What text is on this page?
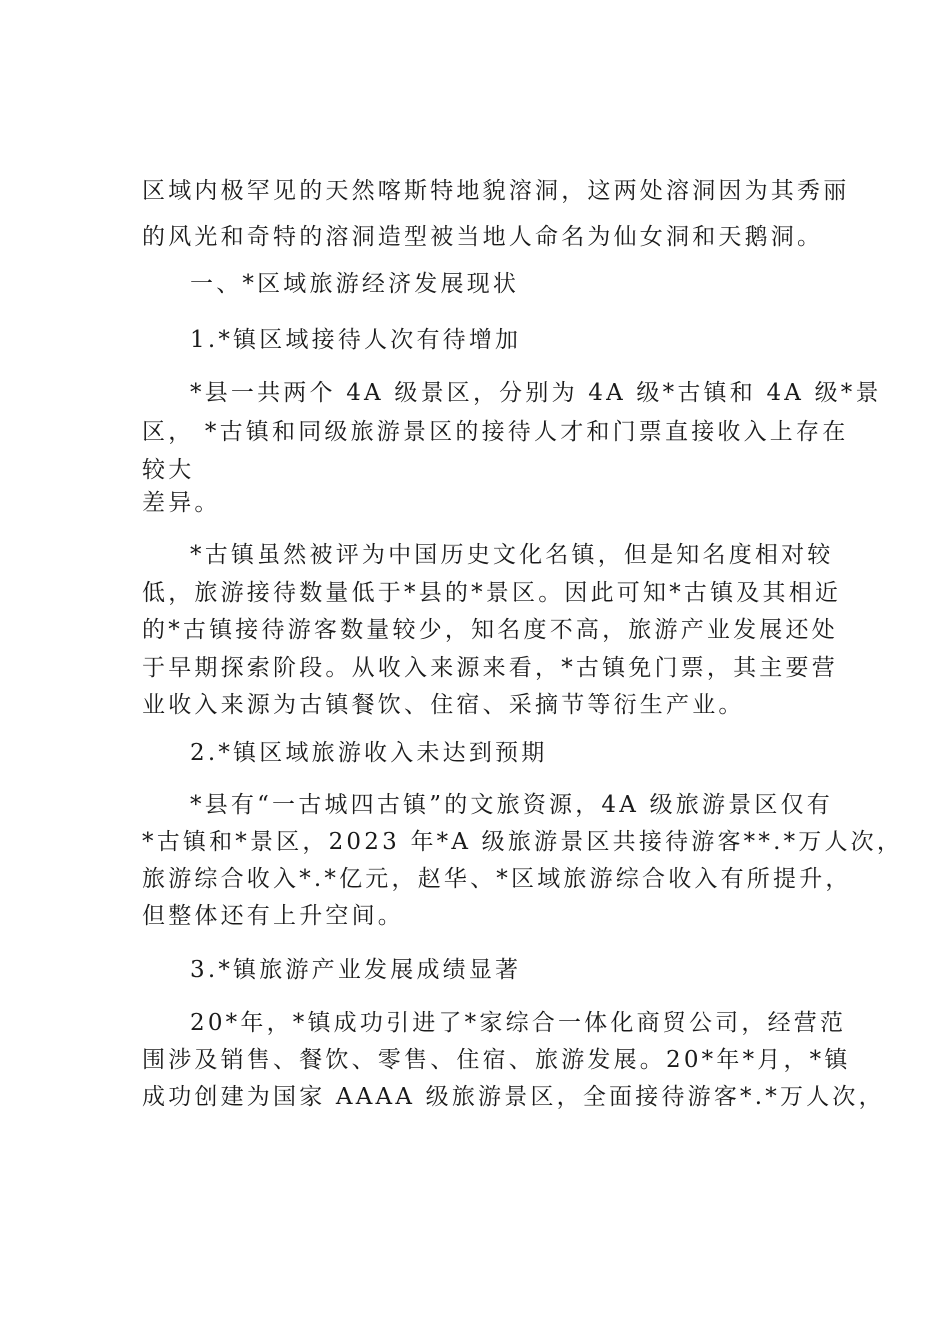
区域内极罕见的天然喀斯特地貌溶洞，这两处溶洞因为其秀丽
的风光和奇特的溶洞造型被当地人命名为仙女洞和天鹅洞。
一、*区域旅游经济发展现状
1.*镇区域接待人次有待增加
*县一共两个 4A 级景区，分别为 4A 级*古镇和 4A 级*景
区， *古镇和同级旅游景区的接待人才和门票直接收入上存在
较大
差异。
*古镇虽然被评为中国历史文化名镇，但是知名度相对较
低，旅游接待数量低于*县的*景区。因此可知*古镇及其相近
的*古镇接待游客数量较少，知名度不高，旅游产业发展还处
于早期探索阶段。从收入来源来看，*古镇免门票，其主要营
业收入来源为古镇餐饮、住宿、采摘节等衍生产业。
2.*镇区域旅游收入未达到预期
*县有“一古城四古镇”的文旅资源，4A 级旅游景区仅有
*古镇和*景区，2023 年*A 级旅游景区共接待游客**.*万人次，
旅游综合收入*.*亿元，赵华、*区域旅游综合收入有所提升，
但整体还有上升空间。
3.*镇旅游产业发展成绩显著
20*年，*镇成功引进了*家综合一体化商贸公司，经营范
围涉及销售、餐饮、零售、住宿、旅游发展。20*年*月，*镇
成功创建为国家 AAAA 级旅游景区，全面接待游客*.*万人次，
